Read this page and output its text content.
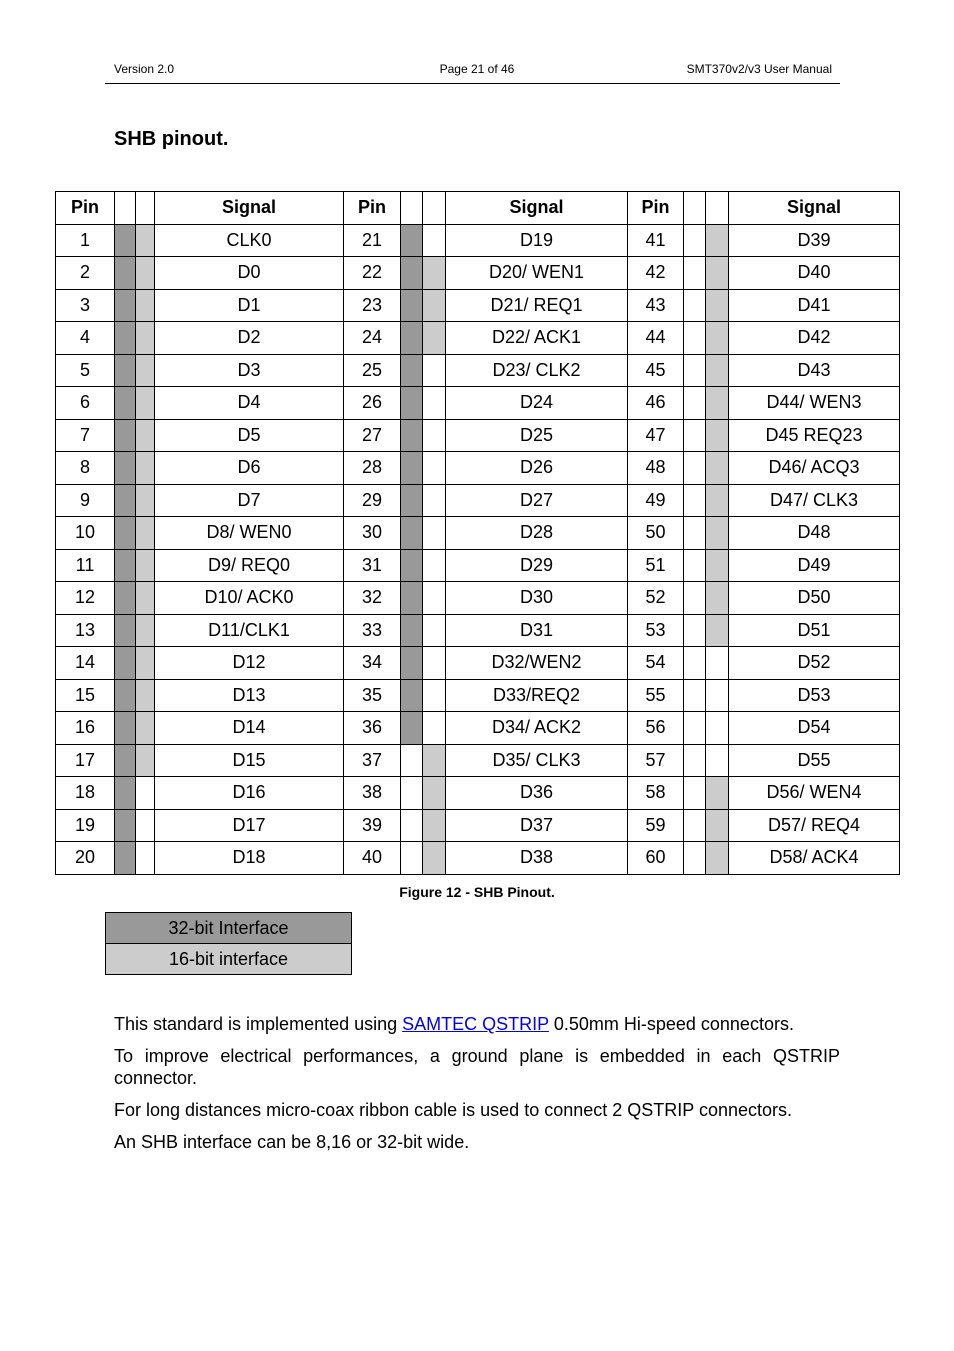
Version 2.0	Page 21 of 46	SMT370v2/v3 User Manual
SHB pinout.
Pin			Signal	Pin			Signal	Pin			Signal
1			CLK0	21			D19	41			D39
2			D0	22			D20/ WEN1	42			D40
3			D1	23			D21/ REQ1	43			D41
4			D2	24			D22/ ACK1	44			D42
5			D3	25			D23/ CLK2	45			D43
6			D4	26			D24	46			D44/ WEN3
7			D5	27			D25	47			D45 REQ23
8			D6	28			D26	48			D46/ ACQ3
9			D7	29			D27	49			D47/ CLK3
10			D8/ WEN0	30			D28	50			D48
11			D9/ REQ0	31			D29	51			D49
12			D10/ ACK0	32			D30	52			D50
13			D11/CLK1	33			D31	53			D51
14			D12	34			D32/WEN2	54			D52
15			D13	35			D33/REQ2	55			D53
16			D14	36			D34/ ACK2	56			D54
17			D15	37			D35/ CLK3	57			D55
18			D16	38			D36	58			D56/ WEN4
19			D17	39			D37	59			D57/ REQ4
20			D18	40			D38	60			D58/ ACK4
Figure 12 - SHB Pinout.
32-bit Interface
16-bit interface
This standard is implemented using SAMTEC QSTRIP 0.50mm Hi-speed connectors.
To improve electrical performances, a ground plane is embedded in each QSTRIP connector.
For long distances micro-coax ribbon cable is used to connect 2 QSTRIP connectors.
An SHB interface can be 8,16 or 32-bit wide.
